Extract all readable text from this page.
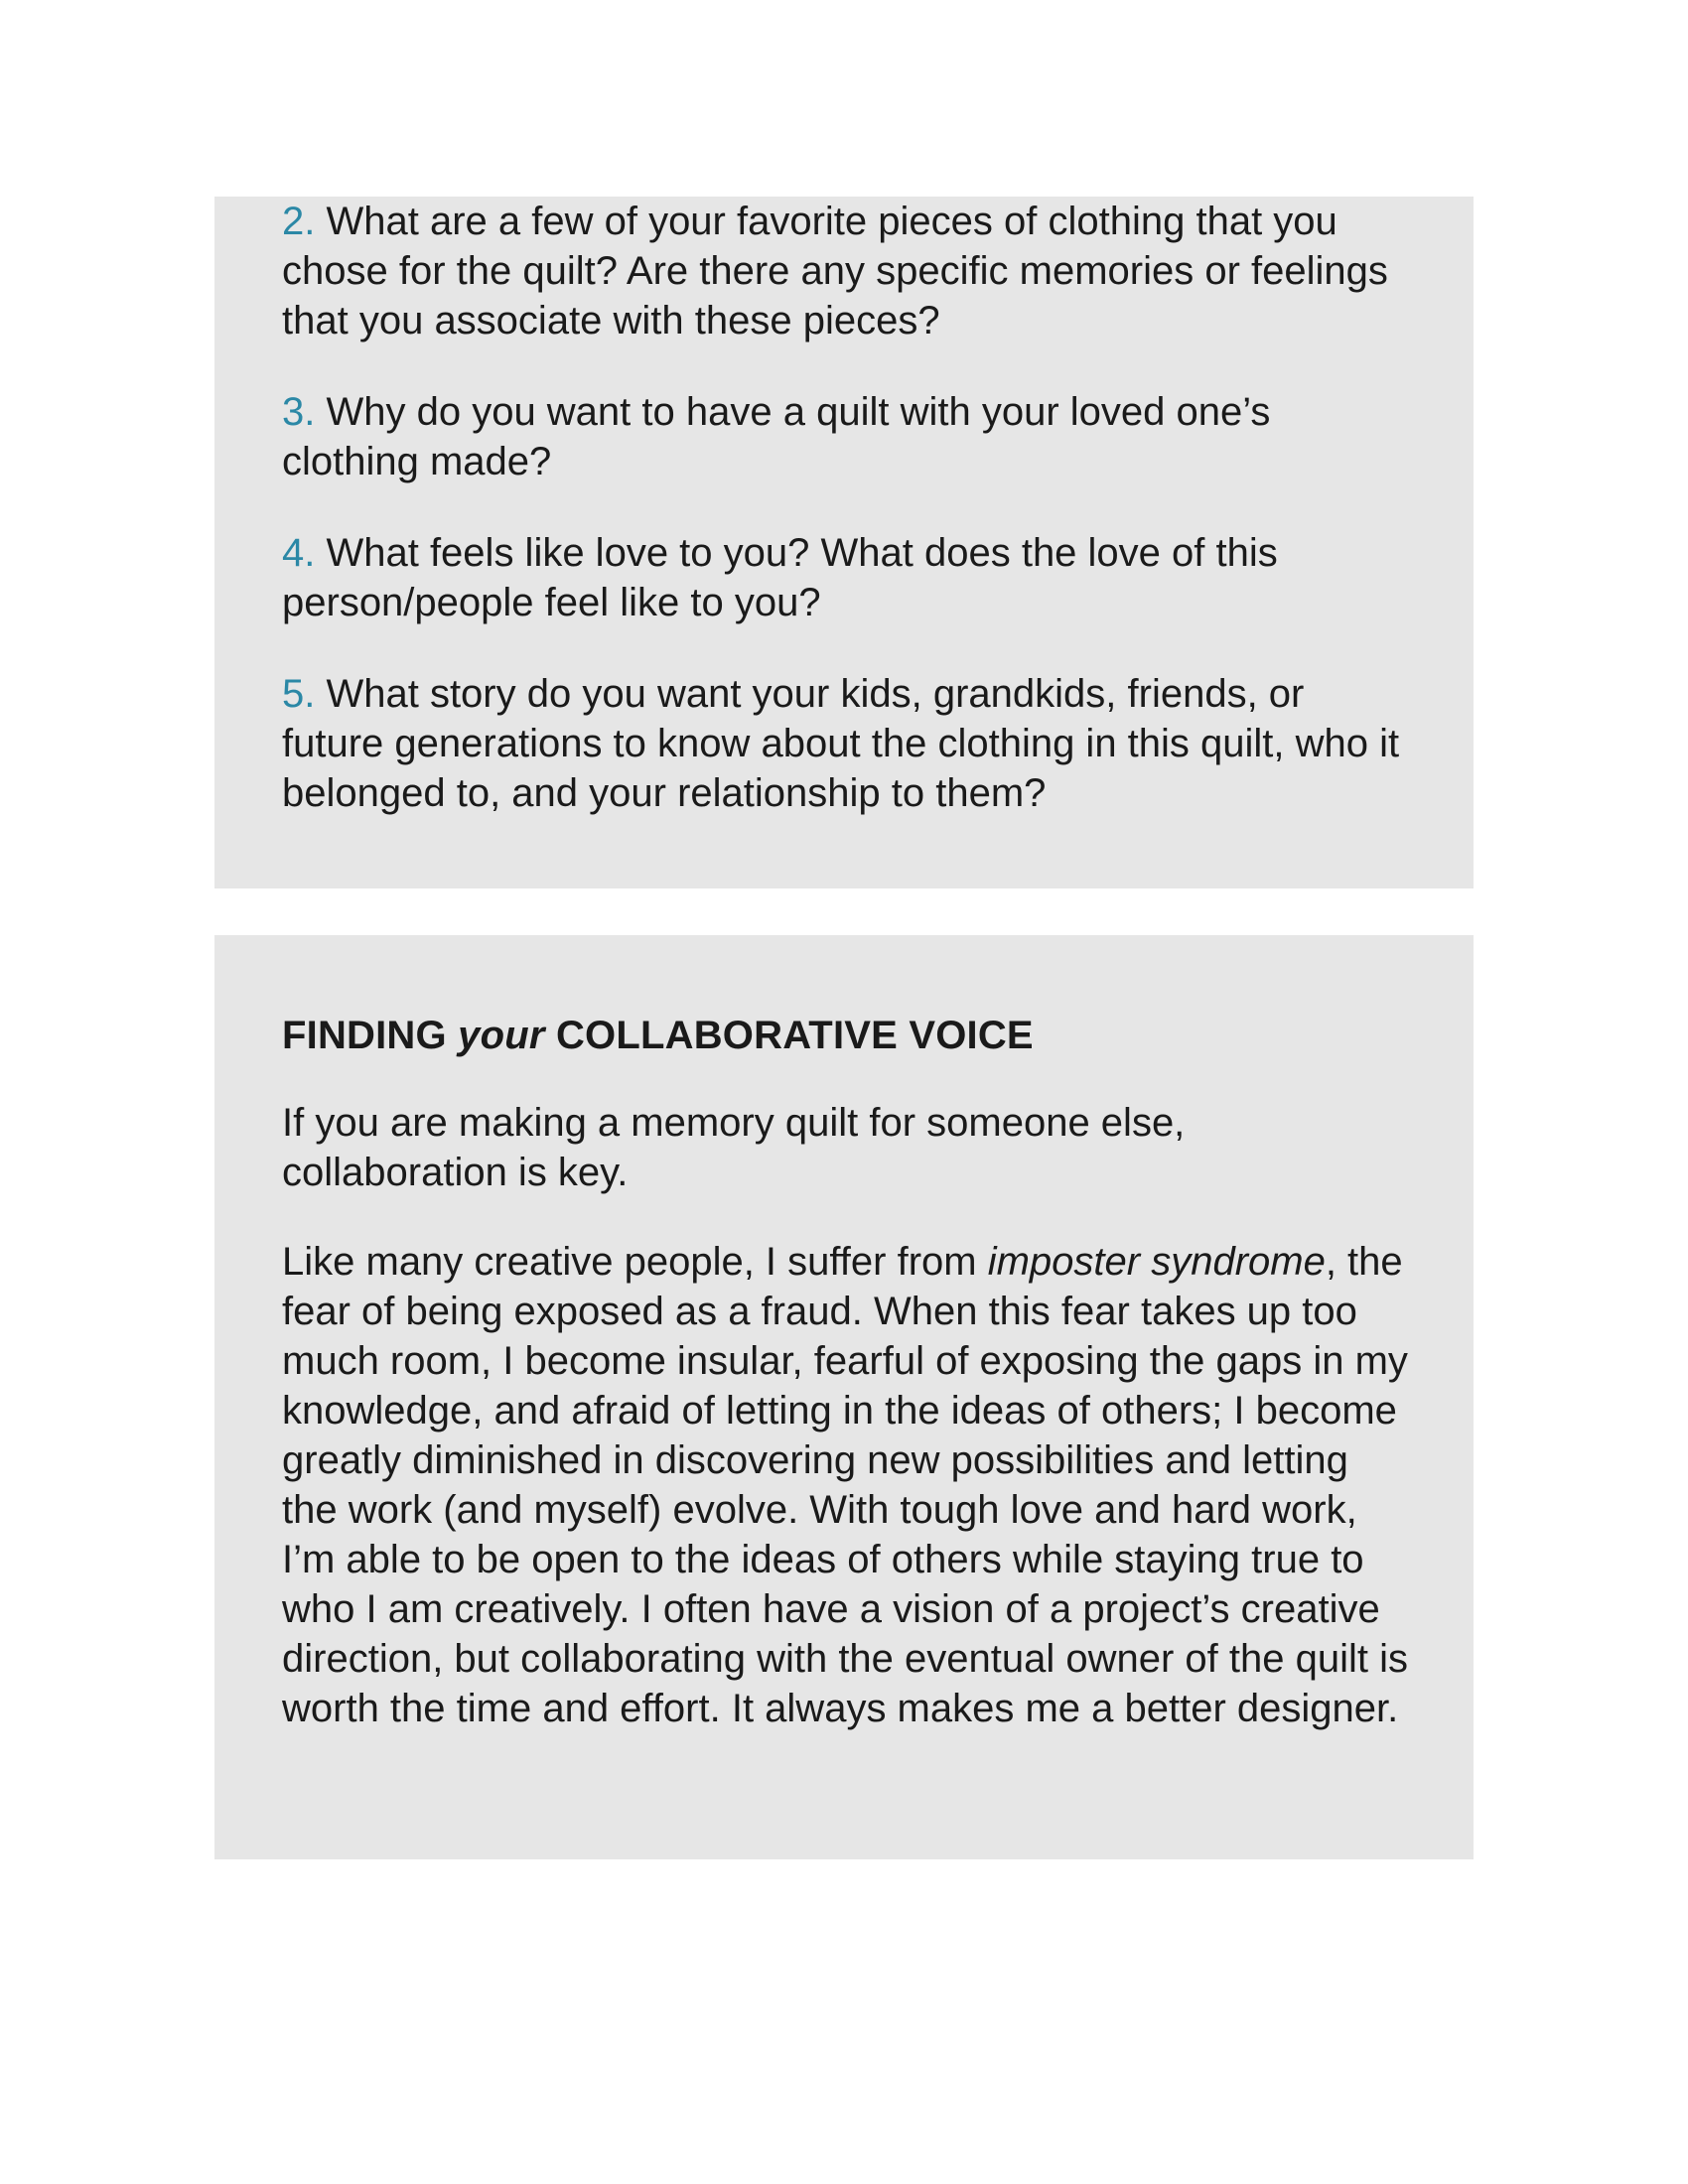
2. What are a few of your favorite pieces of clothing that you chose for the quilt? Are there any specific memories or feelings that you associate with these pieces?

3. Why do you want to have a quilt with your loved one’s clothing made?

4. What feels like love to you? What does the love of this person/people feel like to you?

5. What story do you want your kids, grandkids, friends, or future generations to know about the clothing in this quilt, who it belonged to, and your relationship to them?

FINDING your COLLABORATIVE VOICE

If you are making a memory quilt for someone else, collaboration is key.

Like many creative people, I suffer from imposter syndrome, the fear of being exposed as a fraud. When this fear takes up too much room, I become insular, fearful of exposing the gaps in my knowledge, and afraid of letting in the ideas of others; I become greatly diminished in discovering new possibilities and letting the work (and myself) evolve. With tough love and hard work, I’m able to be open to the ideas of others while staying true to who I am creatively. I often have a vision of a project’s creative direction, but collaborating with the eventual owner of the quilt is worth the time and effort. It always makes me a better designer.
